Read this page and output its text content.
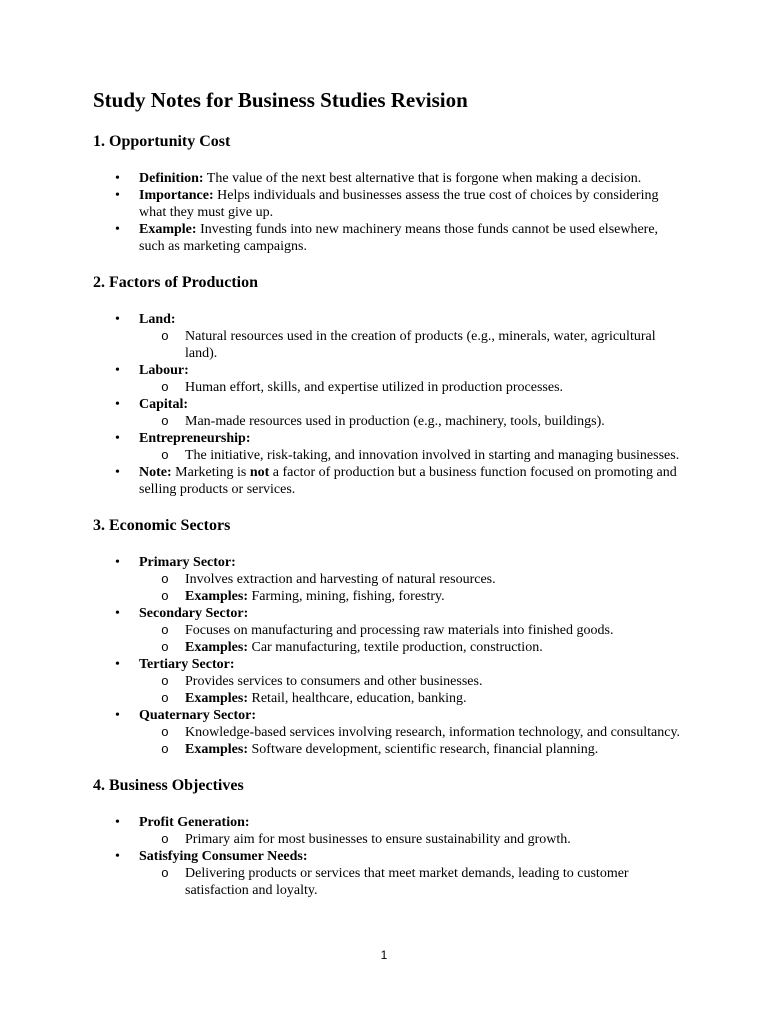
Study Notes for Business Studies Revision
1. Opportunity Cost
• Definition: The value of the next best alternative that is forgone when making a decision.
• Importance: Helps individuals and businesses assess the true cost of choices by considering what they must give up.
• Example: Investing funds into new machinery means those funds cannot be used elsewhere, such as marketing campaigns.
2. Factors of Production
• Land:
o Natural resources used in the creation of products (e.g., minerals, water, agricultural land).
• Labour:
o Human effort, skills, and expertise utilized in production processes.
• Capital:
o Man-made resources used in production (e.g., machinery, tools, buildings).
• Entrepreneurship:
o The initiative, risk-taking, and innovation involved in starting and managing businesses.
• Note: Marketing is not a factor of production but a business function focused on promoting and selling products or services.
3. Economic Sectors
• Primary Sector:
o Involves extraction and harvesting of natural resources.
o Examples: Farming, mining, fishing, forestry.
• Secondary Sector:
o Focuses on manufacturing and processing raw materials into finished goods.
o Examples: Car manufacturing, textile production, construction.
• Tertiary Sector:
o Provides services to consumers and other businesses.
o Examples: Retail, healthcare, education, banking.
• Quaternary Sector:
o Knowledge-based services involving research, information technology, and consultancy.
o Examples: Software development, scientific research, financial planning.
4. Business Objectives
• Profit Generation:
o Primary aim for most businesses to ensure sustainability and growth.
• Satisfying Consumer Needs:
o Delivering products or services that meet market demands, leading to customer satisfaction and loyalty.
1
